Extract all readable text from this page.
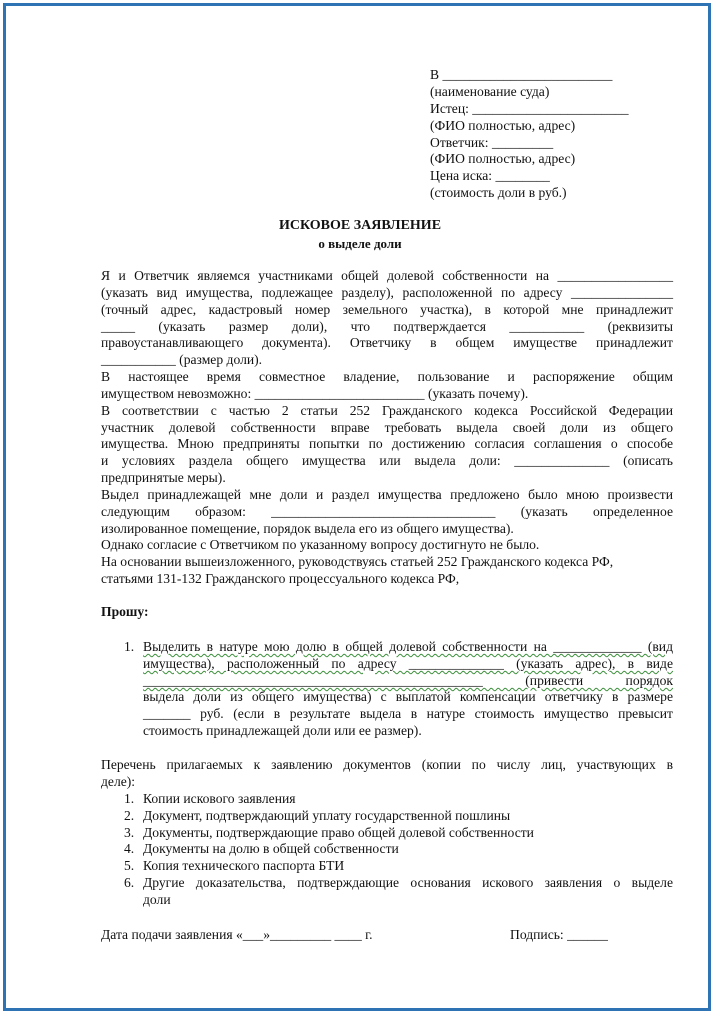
В _________________________
(наименование суда)
Истец: _______________________
(ФИО полностью, адрес)
Ответчик: _________
(ФИО полностью, адрес)
Цена иска: ________
(стоимость доли в руб.)
ИСКОВОЕ ЗАЯВЛЕНИЕ
о выделе доли
Я и Ответчик являемся участниками общей долевой собственности на _________________
(указать вид имущества, подлежащее разделу), расположенной по адресу _______________
(точный адрес, кадастровый номер земельного участка), в которой мне принадлежит
_____ (указать размер доли), что подтверждается ___________ (реквизиты
правоустанавливающего документа). Ответчику в общем имуществе принадлежит
___________ (размер доли).
В настоящее время совместное владение, пользование и распоряжение общим
имуществом невозможно: _________________________ (указать почему).
В соответствии с частью 2 статьи 252 Гражданского кодекса Российской Федерации
участник долевой собственности вправе требовать выдела своей доли из общего
имущества. Мною предприняты попытки по достижению согласия соглашения о способе
и условиях раздела общего имущества или выдела доли: ______________ (описать
предпринятые меры).
Выдел принадлежащей мне доли и раздел имущества предложено было мною произвести
следующим образом: _________________________________ (указать определенное
изолированное помещение, порядок выдела его из общего имущества).
Однако согласие с Ответчиком по указанному вопросу достигнуто не было.
На основании вышеизложенного, руководствуясь статьей 252 Гражданского кодекса РФ,
статьями 131-132 Гражданского процессуального кодекса РФ,
Прошу:
1. Выделить в натуре мою долю в общей долевой собственности на _____________ (вид
имущества), расположенный по адресу ______________ (указать адрес), в виде
__________________________________________________ (привести порядок
выдела доли из общего имущества) с выплатой компенсации ответчику в размере
_______ руб. (если в результате выдела в натуре стоимость имущество превысит
стоимость принадлежащей доли или ее размер).
Перечень прилагаемых к заявлению документов (копии по числу лиц, участвующих в
деле):
1. Копии искового заявления
2. Документ, подтверждающий уплату государственной пошлины
3. Документы, подтверждающие право общей долевой собственности
4. Документы на долю в общей собственности
5. Копия технического паспорта БТИ
6. Другие доказательства, подтверждающие основания искового заявления о выделе
доли
Дата подачи заявления «___»_________ ____ г.	Подпись: ______
